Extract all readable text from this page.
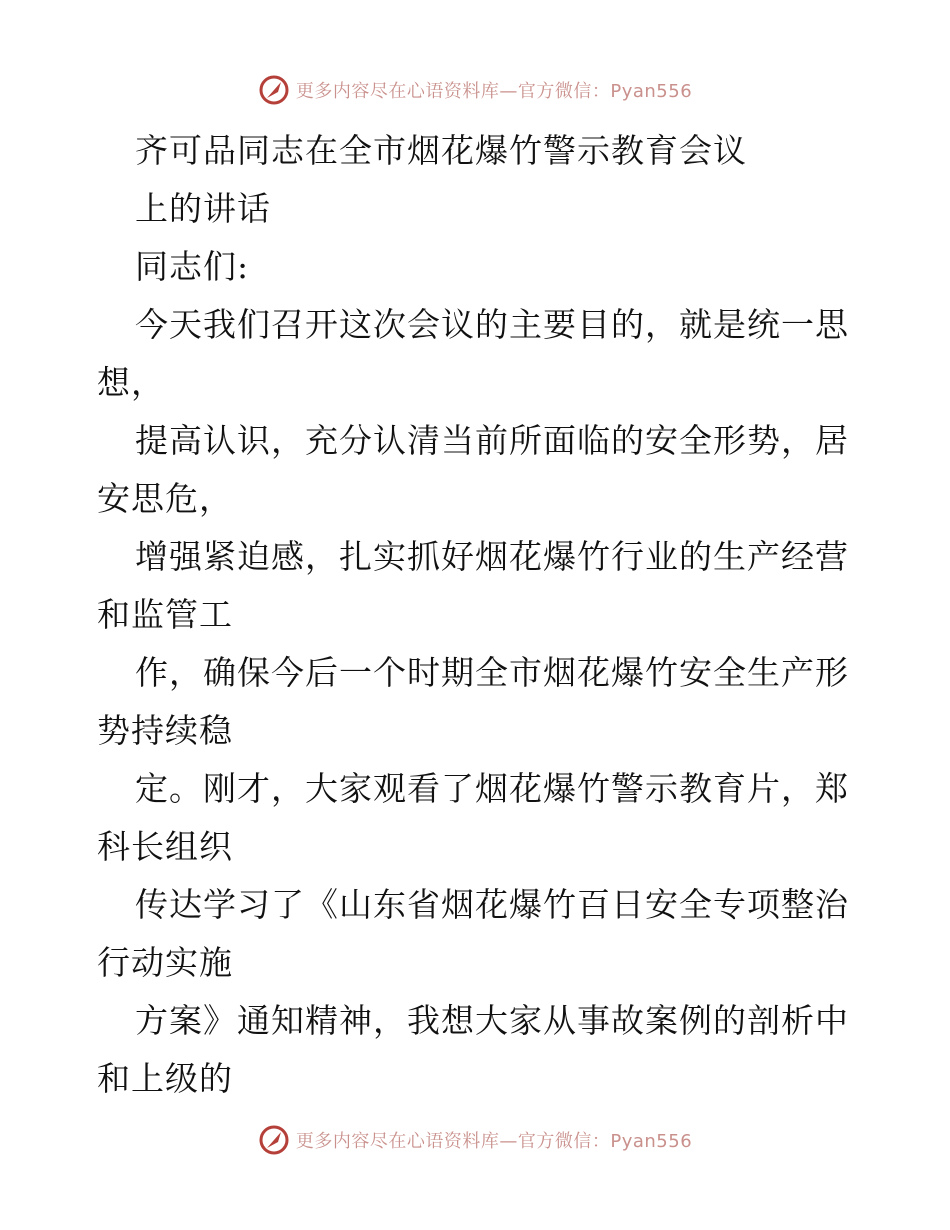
更多内容尽在心语资料库—官方微信：Pyan556
齐可品同志在全市烟花爆竹警示教育会议
上的讲话
同志们:
今天我们召开这次会议的主要目的，就是统一思
想，
提高认识，充分认清当前所面临的安全形势，居
安思危，
增强紧迫感，扎实抓好烟花爆竹行业的生产经营
和监管工
作，确保今后一个时期全市烟花爆竹安全生产形
势持续稳
定。刚才，大家观看了烟花爆竹警示教育片，郑
科长组织
传达学习了《山东省烟花爆竹百日安全专项整治
行动实施
方案》通知精神，我想大家从事故案例的剖析中
和上级的
更多内容尽在心语资料库—官方微信：Pyan556
